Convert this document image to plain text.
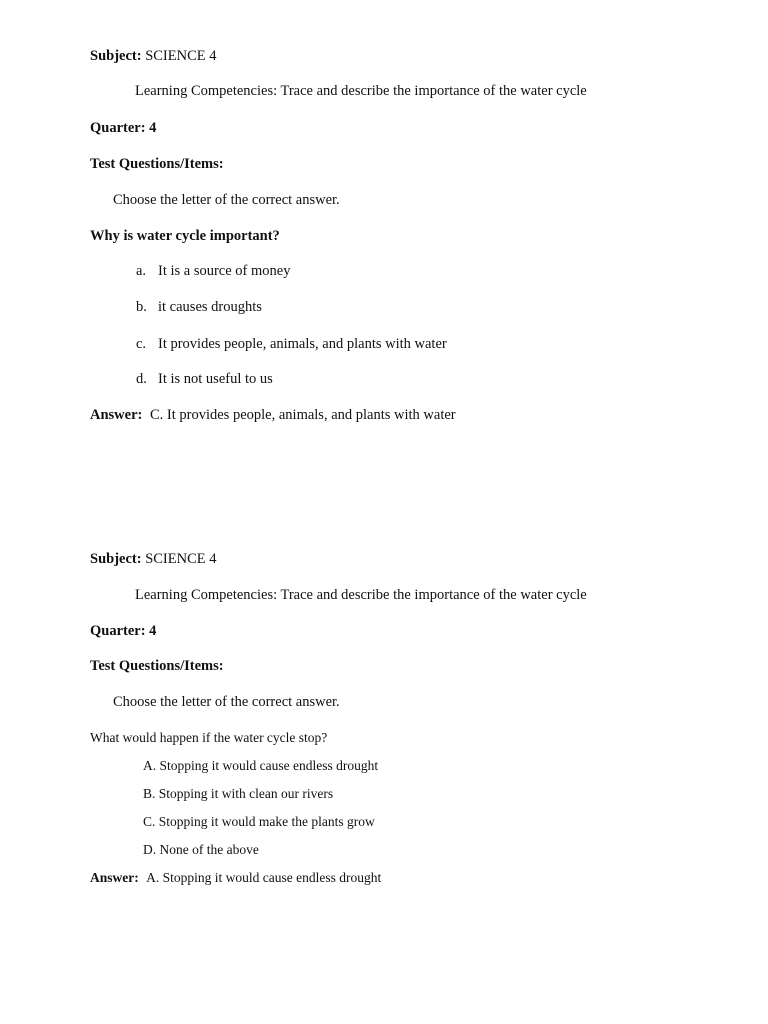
Subject: SCIENCE 4
Learning Competencies: Trace and describe the importance of the water cycle
Quarter: 4
Test Questions/Items:
Choose the letter of the correct answer.
Why is water cycle important?
a. It is a source of money
b. it causes droughts
c. It provides people, animals, and plants with water
d. It is not useful to us
Answer: C. It provides people, animals, and plants with water
Subject: SCIENCE 4
Learning Competencies: Trace and describe the importance of the water cycle
Quarter: 4
Test Questions/Items:
Choose the letter of the correct answer.
What would happen if the water cycle stop?
A. Stopping it would cause endless drought
B. Stopping it with clean our rivers
C. Stopping it would make the plants grow
D. None of the above
Answer: A. Stopping it would cause endless drought
